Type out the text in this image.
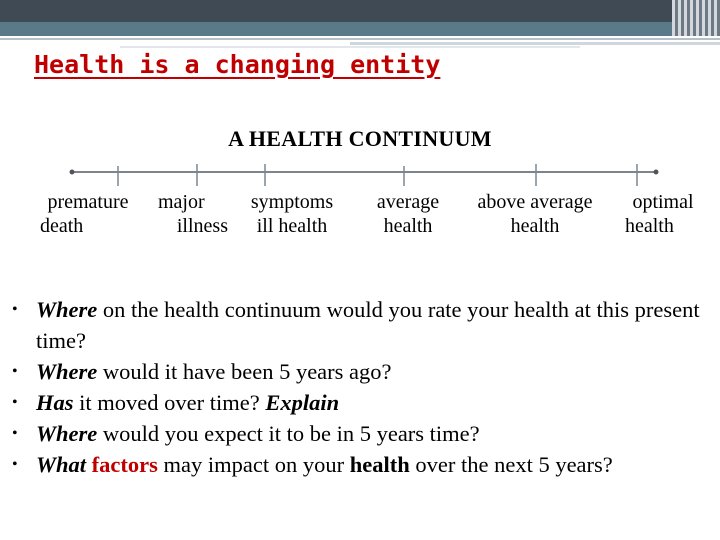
Health is a changing entity
A HEALTH CONTINUUM
premature
death
major
illness
symptoms
ill health
average
health
above average
health
optimal
health
• Where on the health continuum would you rate your health at this present time?
• Where would it have been 5 years ago?
• Has it moved over time? Explain
• Where would you expect it to be in 5 years time?
• What factors may impact on your health over the next 5 years?
